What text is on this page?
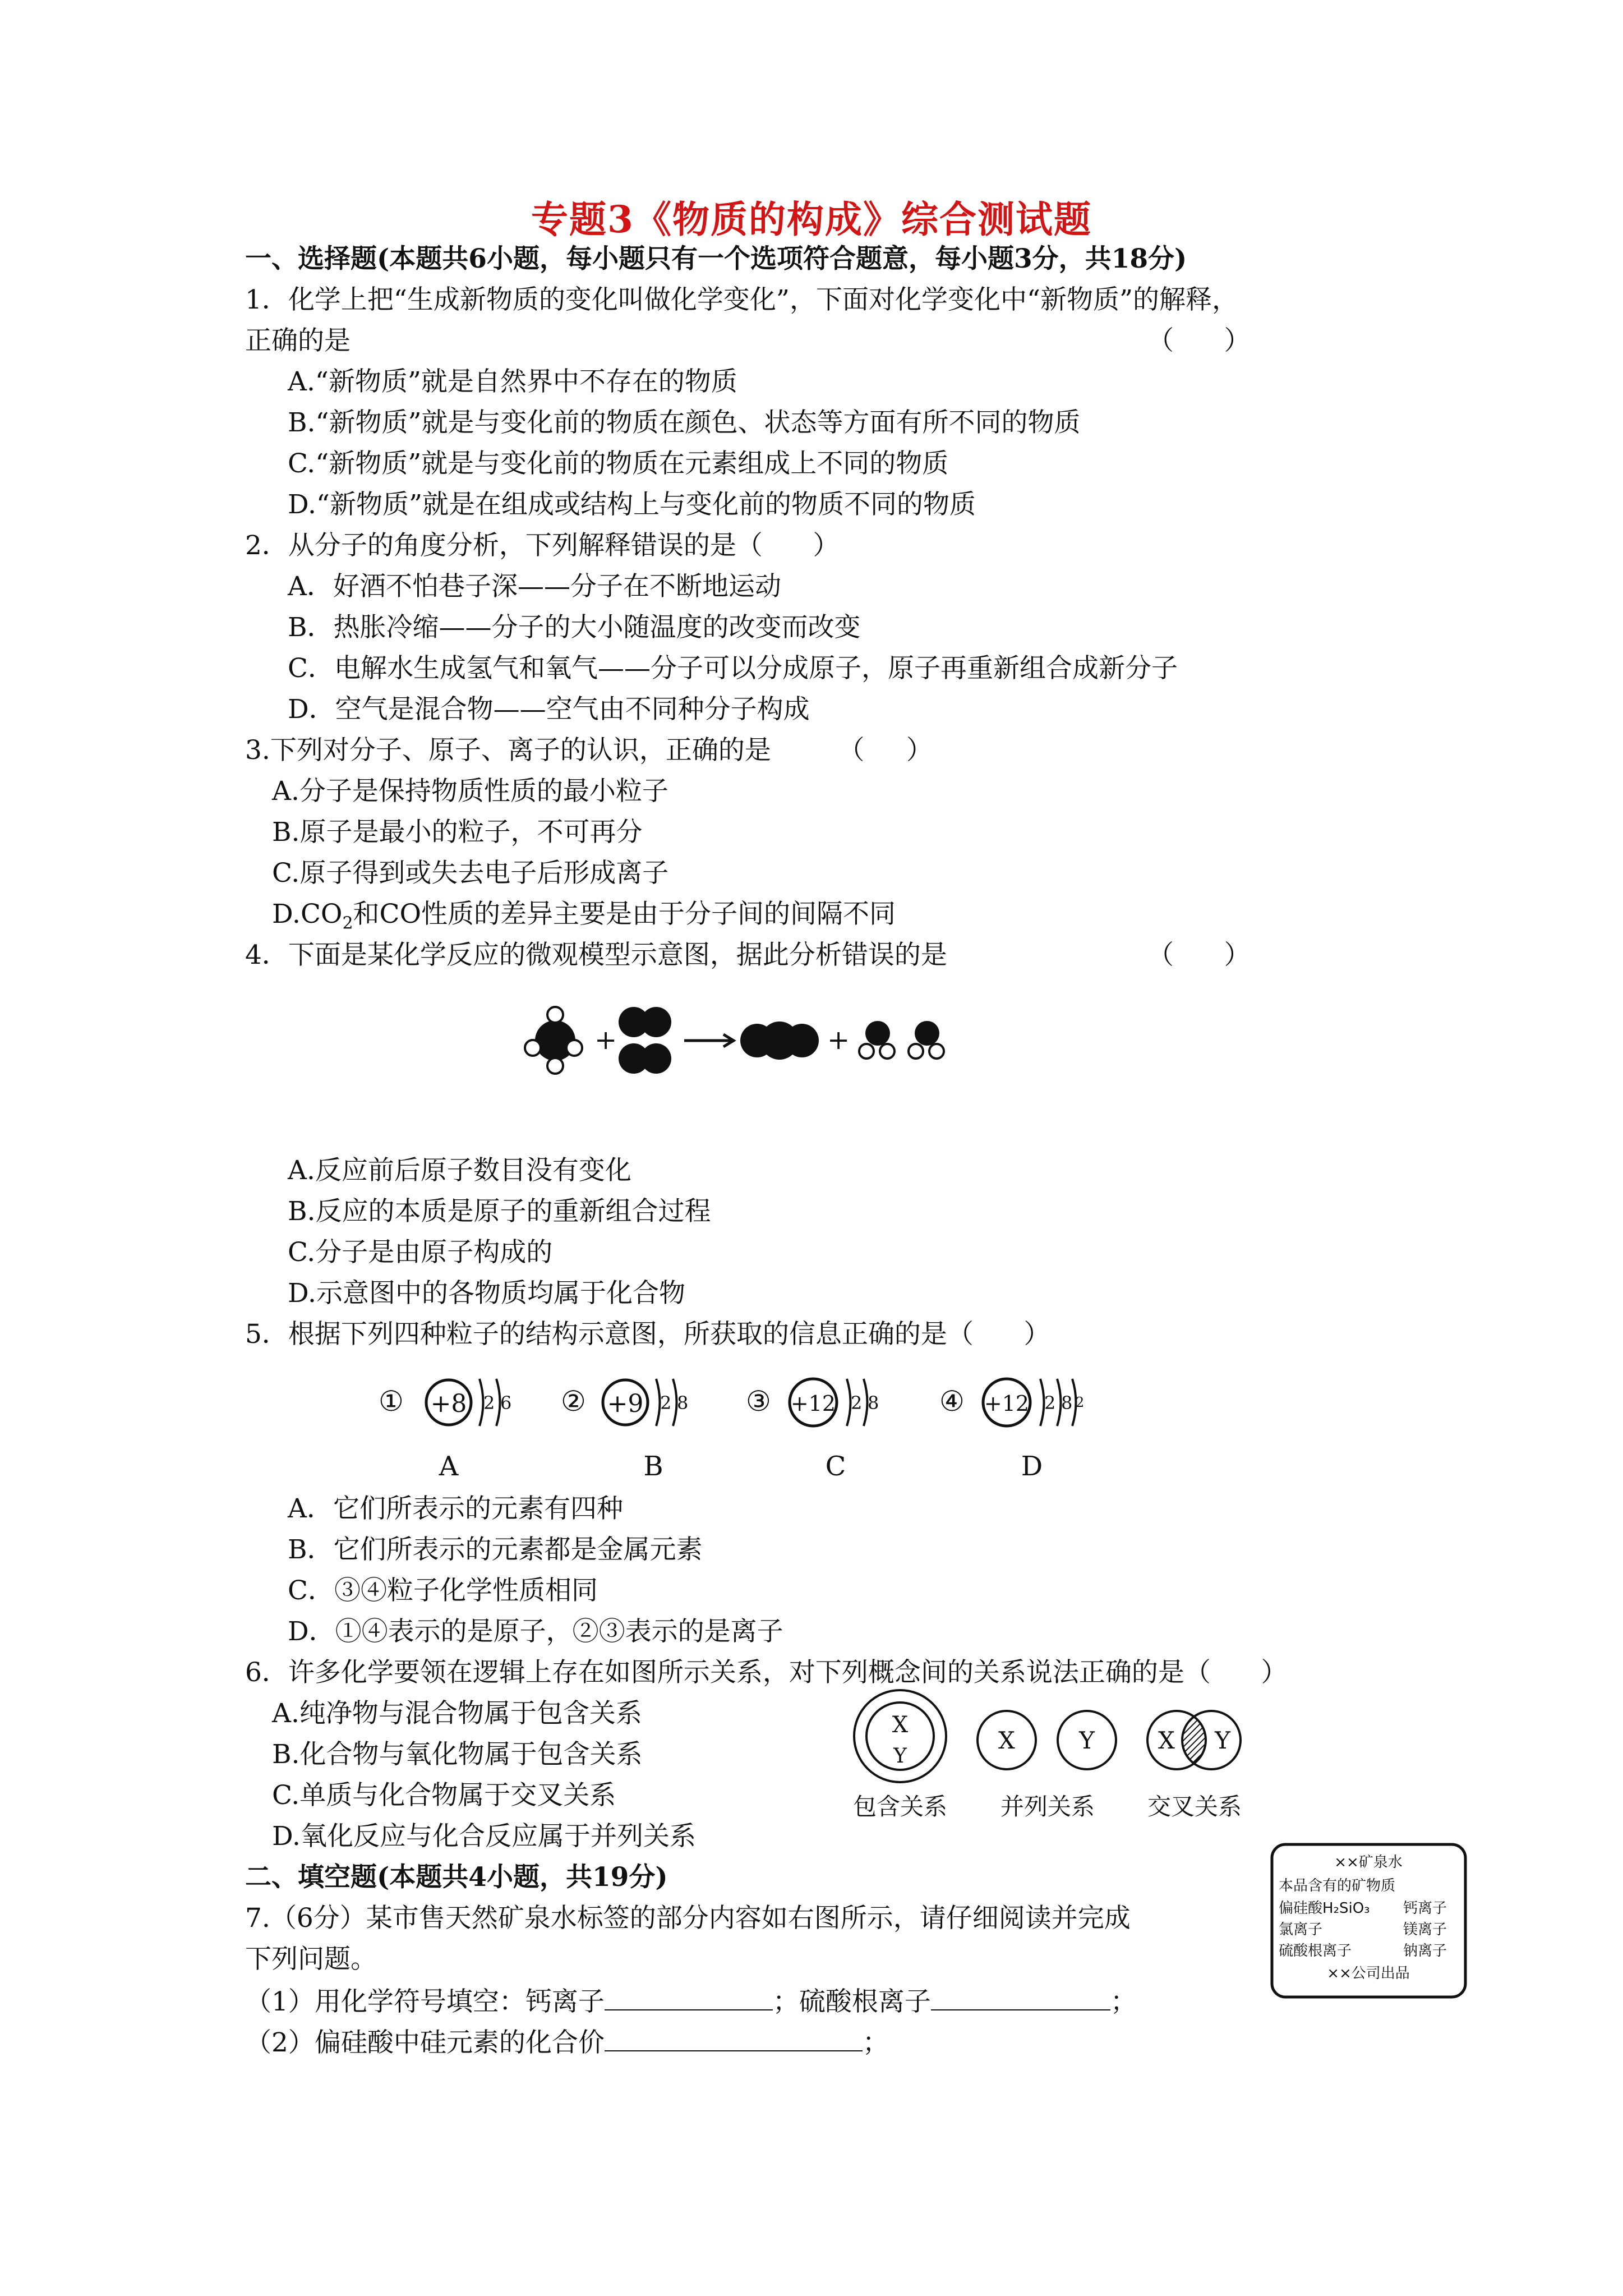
专题3《物质的构成》综合测试题
一、选择题(本题共6小题，每小题只有一个选项符合题意，每小题3分，共18分)
1．化学上把“生成新物质的变化叫做化学变化”，下面对化学变化中“新物质”的解释，
正确的是	（      ）
A.“新物质”就是自然界中不存在的物质
B.“新物质”就是与变化前的物质在颜色、状态等方面有所不同的物质
C.“新物质”就是与变化前的物质在元素组成上不同的物质
D.“新物质”就是在组成或结构上与变化前的物质不同的物质
2．从分子的角度分析，下列解释错误的是（      ）
A．好酒不怕巷子深——分子在不断地运动
B．热胀冷缩——分子的大小随温度的改变而改变
C．电解水生成氢气和氧气——分子可以分成原子，原子再重新组合成新分子
D．空气是混合物——空气由不同种分子构成
3.下列对分子、原子、离子的认识，正确的是        （     ）
A.分子是保持物质性质的最小粒子
B.原子是最小的粒子，不可再分
C.原子得到或失去电子后形成离子
$D.CO_2$和CO性质的差异主要是由于分子间的间隔不同
4．下面是某化学反应的微观模型示意图，据此分析错误的是	（      ）
+	+
A.反应前后原子数目没有变化
B.反应的本质是原子的重新组合过程
C.分子是由原子构成的
D.示意图中的各物质均属于化合物
5．根据下列四种粒子的结构示意图，所获取的信息正确的是（      ）
① +8 2 6
A
② +9 2 8
B
③ +12 2 8
C
④ +12 2 8 2
D
A．它们所表示的元素有四种
B．它们所表示的元素都是金属元素
C．③④粒子化学性质相同
D．①④表示的是原子，②③表示的是离子
6．许多化学要领在逻辑上存在如图所示关系，对下列概念间的关系说法正确的是（      ）
A.纯净物与混合物属于包含关系
B.化合物与氧化物属于包含关系
C.单质与化合物属于交叉关系
D.氧化反应与化合反应属于并列关系
X
Y
包含关系
X	Y
并列关系
X Y
交叉关系
二、填空题(本题共4小题，共19分)
7.（6分）某市售天然矿泉水标签的部分内容如右图所示，请仔细阅读并完成
下列问题。
（1）用化学符号填空：钙离子	；硫酸根离子	；
（2）偏硅酸中硅元素的化合价	；
××矿泉水
本品含有的矿物质
偏硅酸H₂SiO₃ 钙离子
氯离子	镁离子
硫酸根离子	钠离子
××公司出品
